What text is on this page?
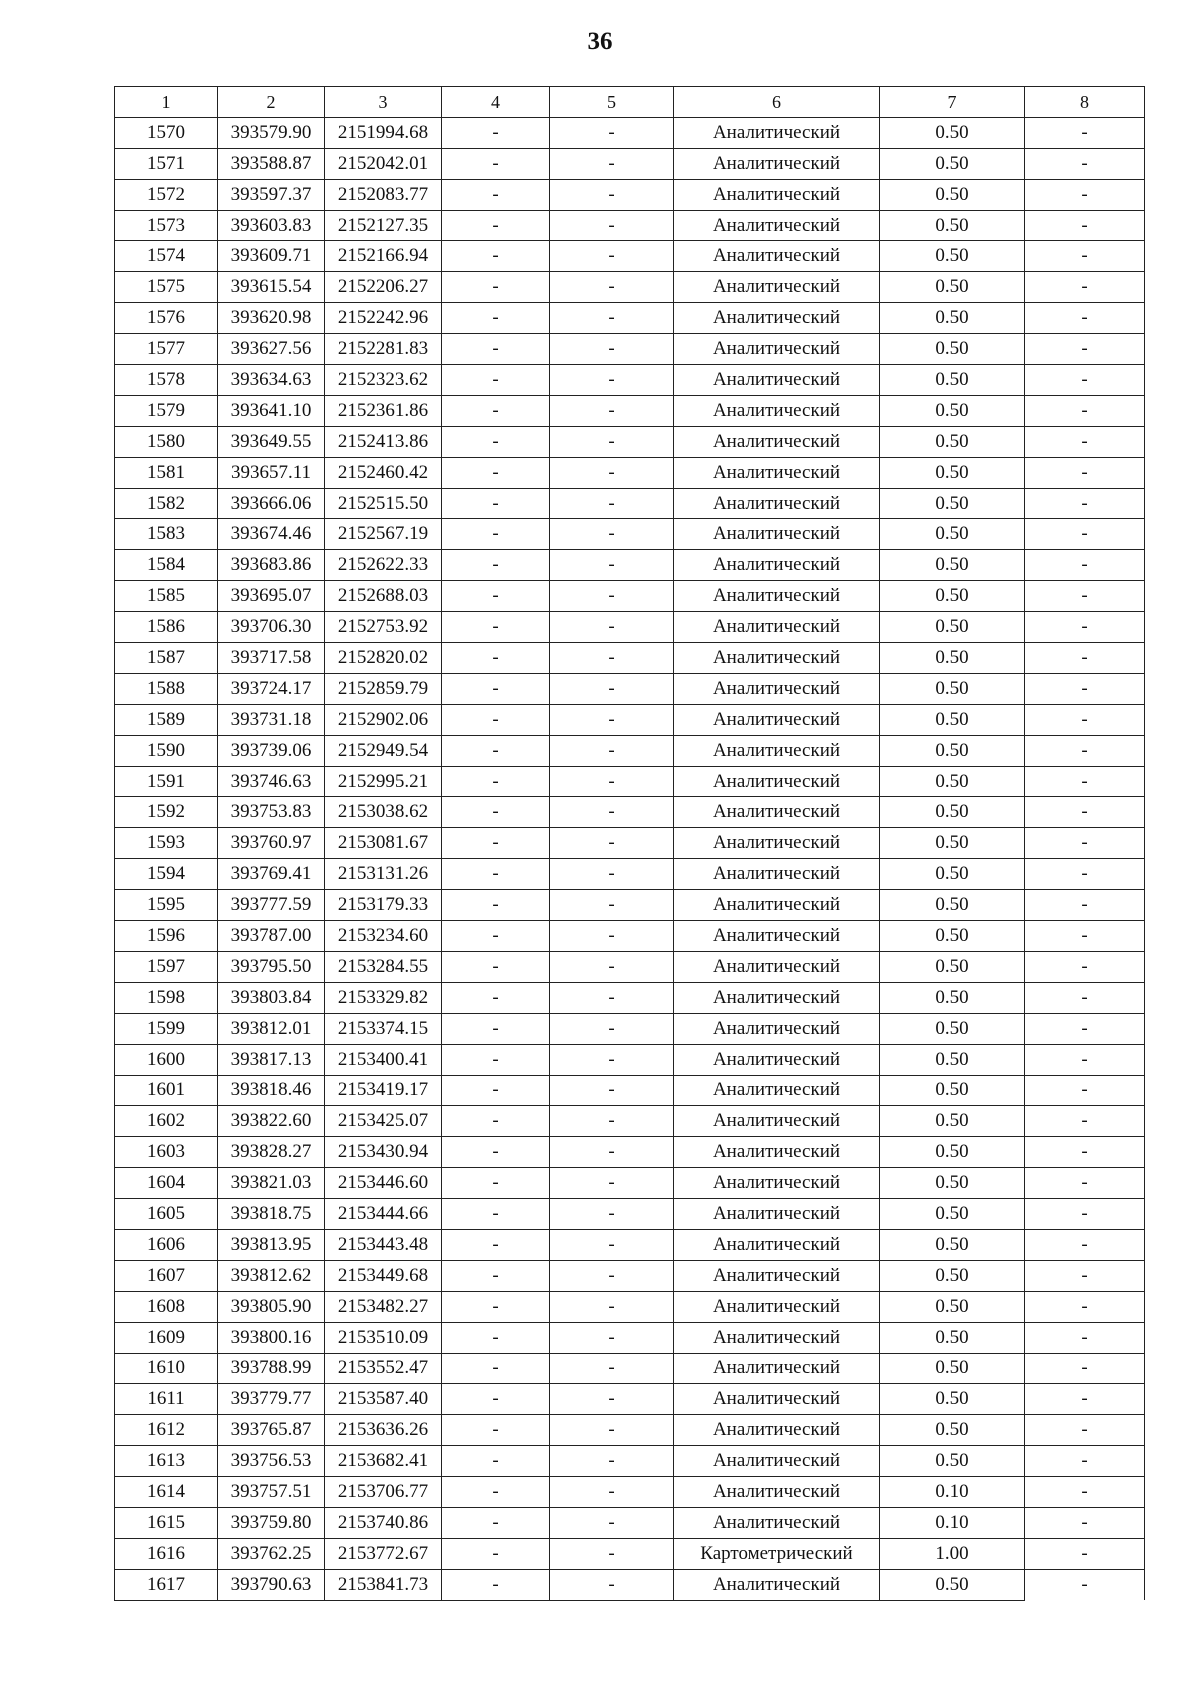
36
1	2	3	4	5	6	7	8
1570	393579.90	2151994.68	-	-	Аналитический	0.50	-
1571	393588.87	2152042.01	-	-	Аналитический	0.50	-
1572	393597.37	2152083.77	-	-	Аналитический	0.50	-
1573	393603.83	2152127.35	-	-	Аналитический	0.50	-
1574	393609.71	2152166.94	-	-	Аналитический	0.50	-
1575	393615.54	2152206.27	-	-	Аналитический	0.50	-
1576	393620.98	2152242.96	-	-	Аналитический	0.50	-
1577	393627.56	2152281.83	-	-	Аналитический	0.50	-
1578	393634.63	2152323.62	-	-	Аналитический	0.50	-
1579	393641.10	2152361.86	-	-	Аналитический	0.50	-
1580	393649.55	2152413.86	-	-	Аналитический	0.50	-
1581	393657.11	2152460.42	-	-	Аналитический	0.50	-
1582	393666.06	2152515.50	-	-	Аналитический	0.50	-
1583	393674.46	2152567.19	-	-	Аналитический	0.50	-
1584	393683.86	2152622.33	-	-	Аналитический	0.50	-
1585	393695.07	2152688.03	-	-	Аналитический	0.50	-
1586	393706.30	2152753.92	-	-	Аналитический	0.50	-
1587	393717.58	2152820.02	-	-	Аналитический	0.50	-
1588	393724.17	2152859.79	-	-	Аналитический	0.50	-
1589	393731.18	2152902.06	-	-	Аналитический	0.50	-
1590	393739.06	2152949.54	-	-	Аналитический	0.50	-
1591	393746.63	2152995.21	-	-	Аналитический	0.50	-
1592	393753.83	2153038.62	-	-	Аналитический	0.50	-
1593	393760.97	2153081.67	-	-	Аналитический	0.50	-
1594	393769.41	2153131.26	-	-	Аналитический	0.50	-
1595	393777.59	2153179.33	-	-	Аналитический	0.50	-
1596	393787.00	2153234.60	-	-	Аналитический	0.50	-
1597	393795.50	2153284.55	-	-	Аналитический	0.50	-
1598	393803.84	2153329.82	-	-	Аналитический	0.50	-
1599	393812.01	2153374.15	-	-	Аналитический	0.50	-
1600	393817.13	2153400.41	-	-	Аналитический	0.50	-
1601	393818.46	2153419.17	-	-	Аналитический	0.50	-
1602	393822.60	2153425.07	-	-	Аналитический	0.50	-
1603	393828.27	2153430.94	-	-	Аналитический	0.50	-
1604	393821.03	2153446.60	-	-	Аналитический	0.50	-
1605	393818.75	2153444.66	-	-	Аналитический	0.50	-
1606	393813.95	2153443.48	-	-	Аналитический	0.50	-
1607	393812.62	2153449.68	-	-	Аналитический	0.50	-
1608	393805.90	2153482.27	-	-	Аналитический	0.50	-
1609	393800.16	2153510.09	-	-	Аналитический	0.50	-
1610	393788.99	2153552.47	-	-	Аналитический	0.50	-
1611	393779.77	2153587.40	-	-	Аналитический	0.50	-
1612	393765.87	2153636.26	-	-	Аналитический	0.50	-
1613	393756.53	2153682.41	-	-	Аналитический	0.50	-
1614	393757.51	2153706.77	-	-	Аналитический	0.10	-
1615	393759.80	2153740.86	-	-	Аналитический	0.10	-
1616	393762.25	2153772.67	-	-	Картометрический	1.00	-
1617	393790.63	2153841.73	-	-	Аналитический	0.50	-
